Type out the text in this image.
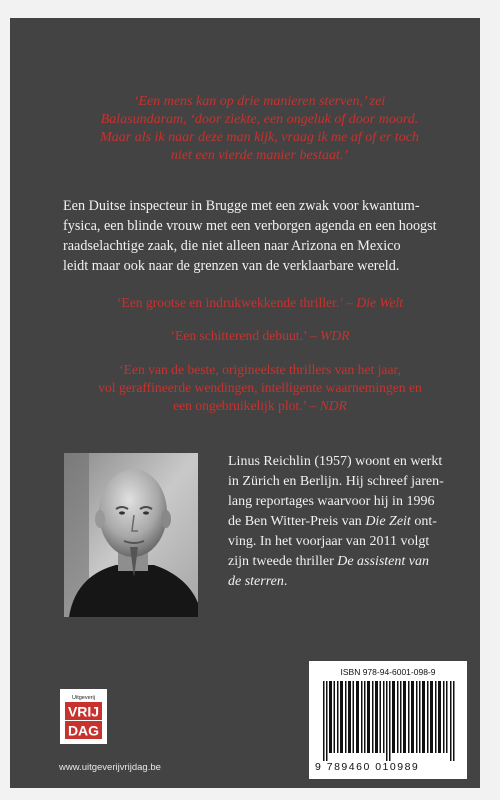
‘Een mens kan op drie manieren sterven,’ zei
Balasundaram, ‘door ziekte, een ongeluk of door moord.
Maar als ik naar deze man kijk, vraag ik me af of er toch
niet een vierde manier bestaat.’
Een Duitse inspecteur in Brugge met een zwak voor kwantum-
fysica, een blinde vrouw met een verborgen agenda en een hoogst
raadselachtige zaak, die niet alleen naar Arizona en Mexico
leidt maar ook naar de grenzen van de verklaarbare wereld.
‘Een grootse en indrukwekkende thriller.’ – Die Welt
‘Een schitterend debuut.’ – WDR
‘Een van de beste, origineelste thrillers van het jaar,
vol geraffineerde wendingen, intelligente waarnemingen en
een ongebruikelijk plot.’ – NDR
Linus Reichlin (1957) woont en werkt
in Zürich en Berlijn. Hij schreef jaren-
lang reportages waarvoor hij in 1996
de Ben Witter-Preis van Die Zeit ont-
ving. In het voorjaar van 2011 volgt
zijn tweede thriller De assistent van
de sterren.
Uitgeverij
VRIJ
DAG
www.uitgeverijvrijdag.be
ISBN 978-94-6001-098-9
9 789460 010989
